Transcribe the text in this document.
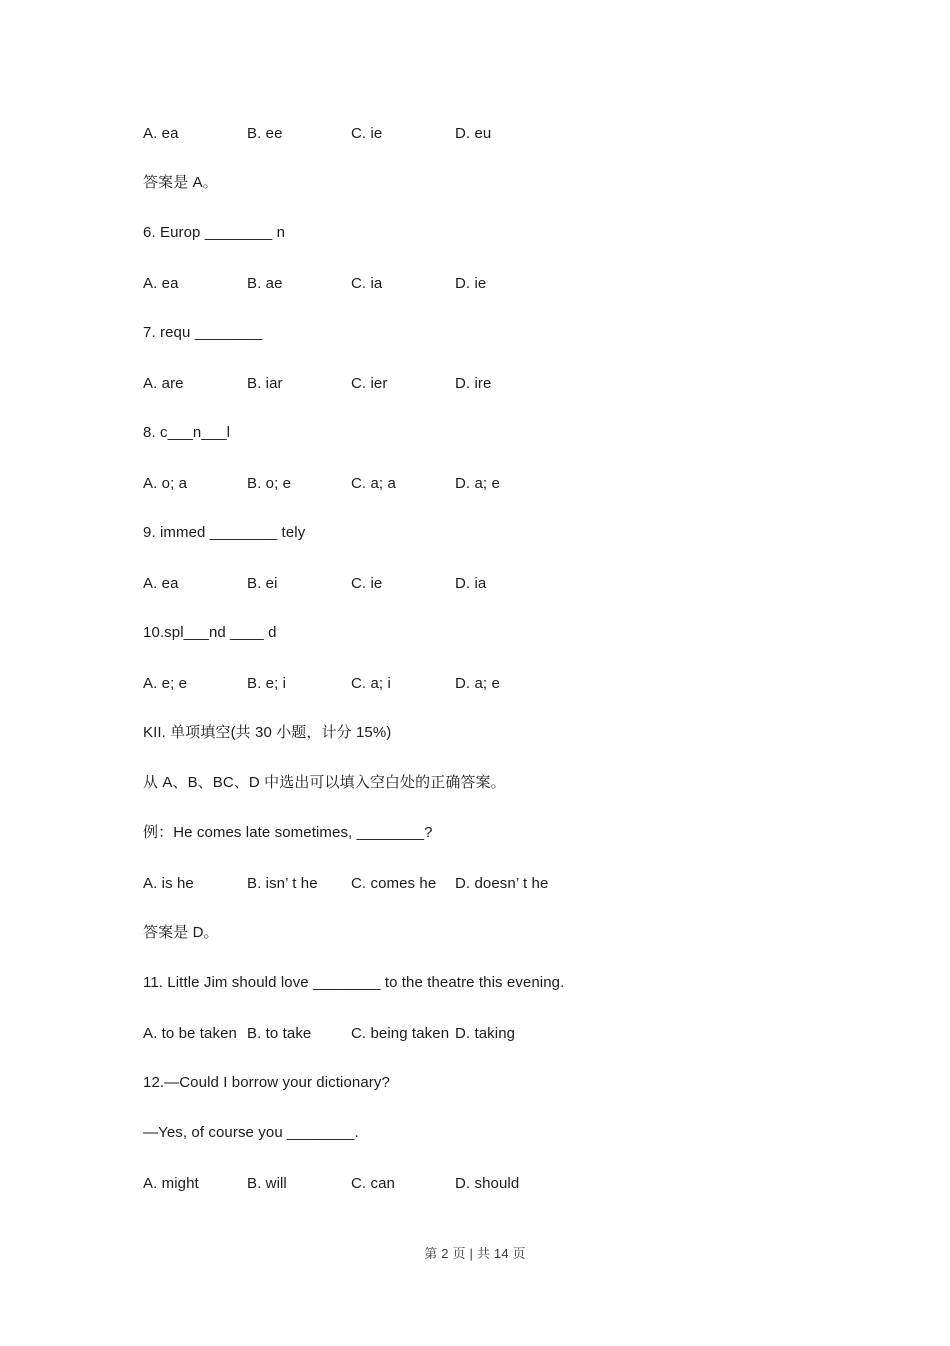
A. ea	B. ee	C. ie	D. eu
答案是 A。
6. Europ ________ n
A. ea	B. ae	C. ia	D. ie
7. requ ________
A. are	B. iar	C. ier	D. ire
8. c___n___l
A. o; a	B. o; e	C. a; a	D. a; e
9. immed ________ tely
A. ea	B. ei	C. ie	D. ia
10.spl___nd ____ d
A. e; e	B. e; i	C. a; i	D. a; e
KII. 单项填空(共 30 小题，计分 15%)
从 A、B、BC、D 中选出可以填入空白处的正确答案。
例：He comes late sometimes, ________?
A. is he	B. isn’ t he	C. comes he	D. doesn’ t he
答案是 D。
11. Little Jim should love ________ to the theatre this evening.
A. to be taken B. to take	C. being taken D. taking
12.—Could I borrow your dictionary?
—Yes, of course you ________.
A. might	B. will	C. can	D. should
第 2 页 | 共 14 页
